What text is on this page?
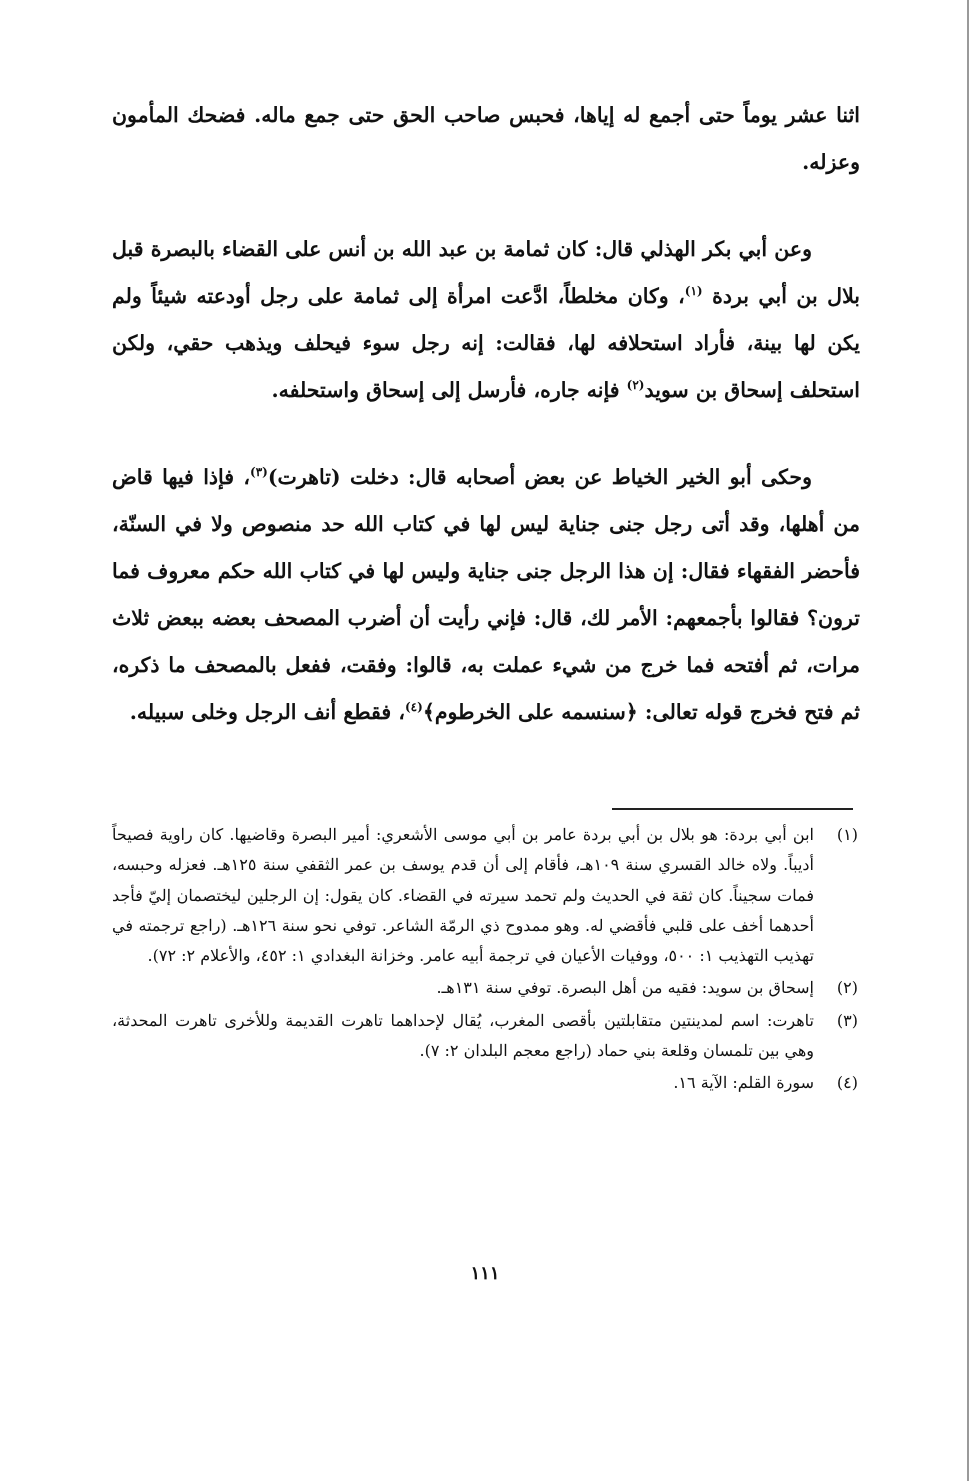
اثنا عشر يوماً حتى أجمع له إياها، فحبس صاحب الحق حتى جمع ماله. فضحك المأمون وعزله.

وعن أبي بكر الهذلي قال: كان ثمامة بن عبد الله بن أنس على القضاء بالبصرة قبل بلال بن أبي بردة $^{(١)}$، وكان مخلطاً، ادَّعت امرأة إلى ثمامة على رجل أودعته شيئاً ولم يكن لها بينة، فأراد استحلافه لها، فقالت: إنه رجل سوء فيحلف ويذهب حقي، ولكن استحلف إسحاق بن سويد$^{(٢)}$ فإنه جاره، فأرسل إلى إسحاق واستحلفه.

وحكى أبو الخير الخياط عن بعض أصحابه قال: دخلت (تاهرت)$^{(٣)}$، فإذا فيها قاض من أهلها، وقد أتى رجل جنى جناية ليس لها في كتاب الله حد منصوص ولا في السنّة، فأحضر الفقهاء فقال: إن هذا الرجل جنى جناية وليس لها في كتاب الله حكم معروف فما ترون؟ فقالوا بأجمعهم: الأمر لك، قال: فإني رأيت أن أضرب المصحف بعضه ببعض ثلاث مرات، ثم أفتحه فما خرج من شيء عملت به، قالوا: وفقت، ففعل بالمصحف ما ذكره، ثم فتح فخرج قوله تعالى: ﴿سنسمه على الخرطوم﴾$^{(٤)}$، فقطع أنف الرجل وخلى سبيله.

(١)
ابن أبي بردة: هو بلال بن أبي بردة عامر بن أبي موسى الأشعري: أمير البصرة وقاضيها. كان راوية فصيحاً أديباً. ولاه خالد القسري سنة ١٠٩هـ، فأقام إلى أن قدم يوسف بن عمر الثقفي سنة ١٢٥هـ. فعزله وحبسه، فمات سجيناً. كان ثقة في الحديث ولم تحمد سيرته في القضاء. كان يقول: إن الرجلين ليختصمان إليّ فأجد أحدهما أخف على قلبي فأقضي له. وهو ممدوح ذي الرمّة الشاعر. توفي نحو سنة ١٢٦هـ. (راجع ترجمته في تهذيب التهذيب ١: ٥٠٠، ووفيات الأعيان في ترجمة أبيه عامر. وخزانة البغدادي ١: ٤٥٢، والأعلام ٢: ٧٢).
(٢)
إسحاق بن سويد: فقيه من أهل البصرة. توفي سنة ١٣١هـ.
(٣)
تاهرت: اسم لمدينتين متقابلتين بأقصى المغرب، يُقال لإحداهما تاهرت القديمة وللأخرى تاهرت المحدثة، وهي بين تلمسان وقلعة بني حماد (راجع معجم البلدان ٢: ٧).
(٤)
سورة القلم: الآية ١٦.
١١١
